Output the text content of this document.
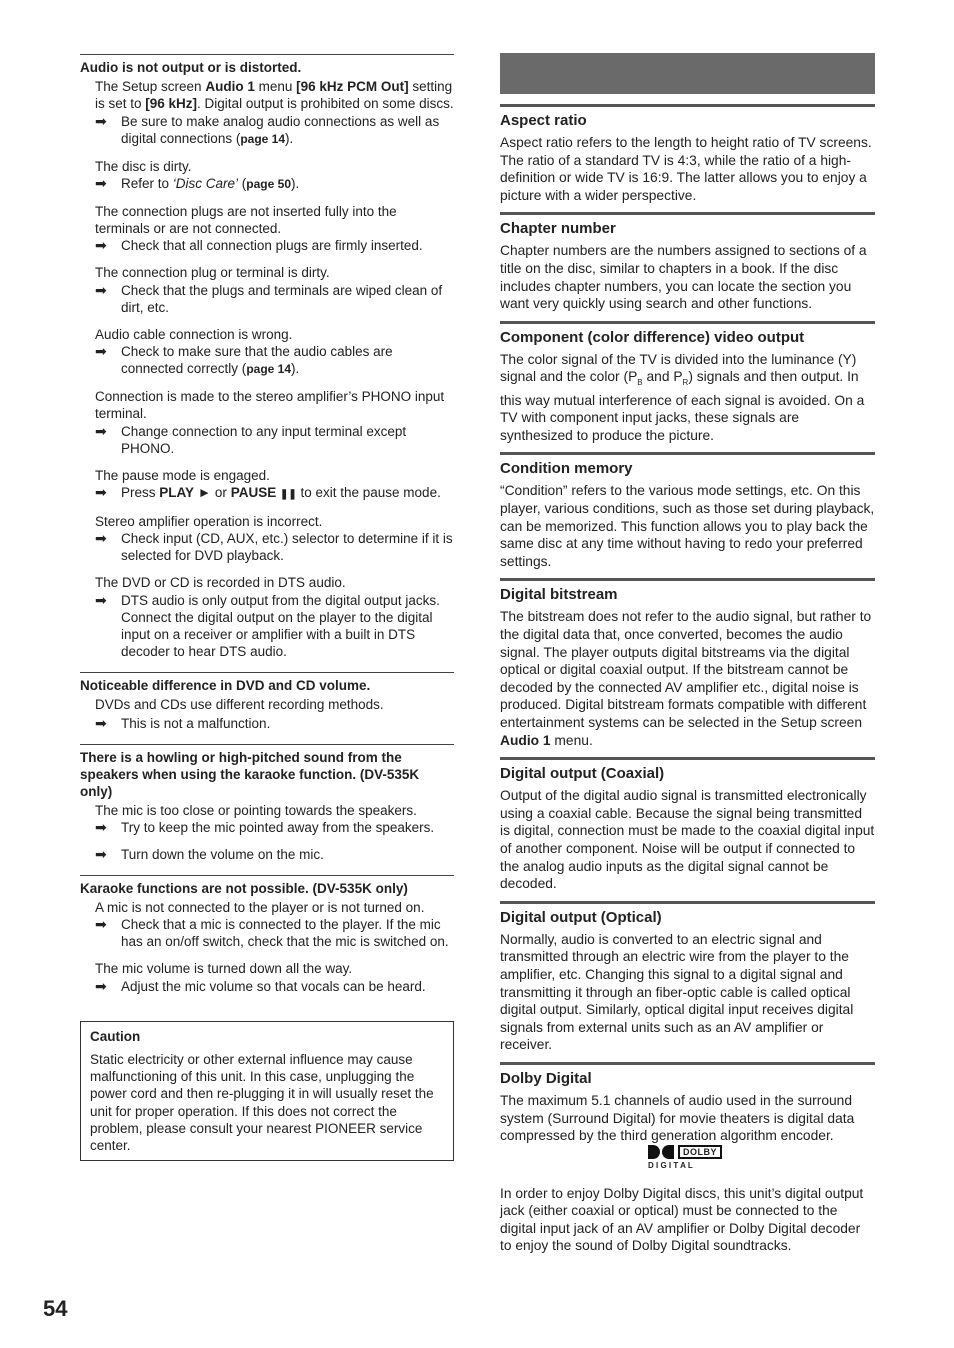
Audio is not output or is distorted.
The Setup screen Audio 1 menu [96 kHz PCM Out] setting is set to [96 kHz]. Digital output is prohibited on some discs.
➡	Be sure to make analog audio connections as well as digital connections (page 14).
The disc is dirty.
➡	Refer to ‘Disc Care’ (page 50).
The connection plugs are not inserted fully into the terminals or are not connected.
➡	Check that all connection plugs are firmly inserted.
The connection plug or terminal is dirty.
➡	Check that the plugs and terminals are wiped clean of dirt, etc.
Audio cable connection is wrong.
➡	Check to make sure that the audio cables are connected correctly (page 14).
Connection is made to the stereo amplifier’s PHONO input terminal.
➡	Change connection to any input terminal except PHONO.
The pause mode is engaged.
➡	Press PLAY ► or PAUSE ❚❚ to exit the pause mode.
Stereo amplifier operation is incorrect.
➡	Check input (CD, AUX, etc.) selector to determine if it is selected for DVD playback.
The DVD or CD is recorded in DTS audio.
➡	DTS audio is only output from the digital output jacks. Connect the digital output on the player to the digital input on a receiver or amplifier with a built in DTS decoder to hear DTS audio.
Noticeable difference in DVD and CD volume.
DVDs and CDs use different recording methods.
➡	This is not a malfunction.
There is a howling or high-pitched sound from the speakers when using the karaoke function. (DV-535K only)
The mic is too close or pointing towards the speakers.
➡	Try to keep the mic pointed away from the speakers.
➡	Turn down the volume on the mic.
Karaoke functions are not possible. (DV-535K only)
A mic is not connected to the player or is not turned on.
➡	Check that a mic is connected to the player. If the mic has an on/off switch, check that the mic is switched on.
The mic volume is turned down all the way.
➡	Adjust the mic volume so that vocals can be heard.
Caution
Static electricity or other external influence may cause malfunctioning of this unit. In this case, unplugging the power cord and then re-plugging it in will usually reset the unit for proper operation. If this does not correct the problem, please consult your nearest PIONEER service center.
Aspect ratio
Aspect ratio refers to the length to height ratio of TV screens. The ratio of a standard TV is 4:3, while the ratio of a high-definition or wide TV is 16:9. The latter allows you to enjoy a picture with a wider perspective.
Chapter number
Chapter numbers are the numbers assigned to sections of a title on the disc, similar to chapters in a book. If the disc includes chapter numbers, you can locate the section you want very quickly using search and other functions.
Component (color difference) video output
The color signal of the TV is divided into the luminance (Y) signal and the color ($P_B$ and $P_R$) signals and then output. In this way mutual interference of each signal is avoided. On a TV with component input jacks, these signals are synthesized to produce the picture.
Condition memory
“Condition” refers to the various mode settings, etc. On this player, various conditions, such as those set during playback, can be memorized. This function allows you to play back the same disc at any time without having to redo your preferred settings.
Digital bitstream
The bitstream does not refer to the audio signal, but rather to the digital data that, once converted, becomes the audio signal. The player outputs digital bitstreams via the digital optical or digital coaxial output. If the bitstream cannot be decoded by the connected AV amplifier etc., digital noise is produced. Digital bitstream formats compatible with different entertainment systems can be selected in the Setup screen Audio 1 menu.
Digital output (Coaxial)
Output of the digital audio signal is transmitted electronically using a coaxial cable. Because the signal being transmitted is digital, connection must be made to the coaxial digital input of another component. Noise will be output if connected to the analog audio inputs as the digital signal cannot be decoded.
Digital output (Optical)
Normally, audio is converted to an electric signal and transmitted through an electric wire from the player to the amplifier, etc. Changing this signal to a digital signal and transmitting it through an fiber-optic cable is called optical digital output. Similarly, optical digital input receives digital signals from external units such as an AV amplifier or receiver.
Dolby Digital
The maximum 5.1 channels of audio used in the surround system (Surround Digital) for movie theaters is digital data compressed by the third generation algorithm encoder.
DOLBY
D I G I T A L
In order to enjoy Dolby Digital discs, this unit’s digital output jack (either coaxial or optical) must be connected to the digital input jack of an AV amplifier or Dolby Digital decoder to enjoy the sound of Dolby Digital soundtracks.
54
